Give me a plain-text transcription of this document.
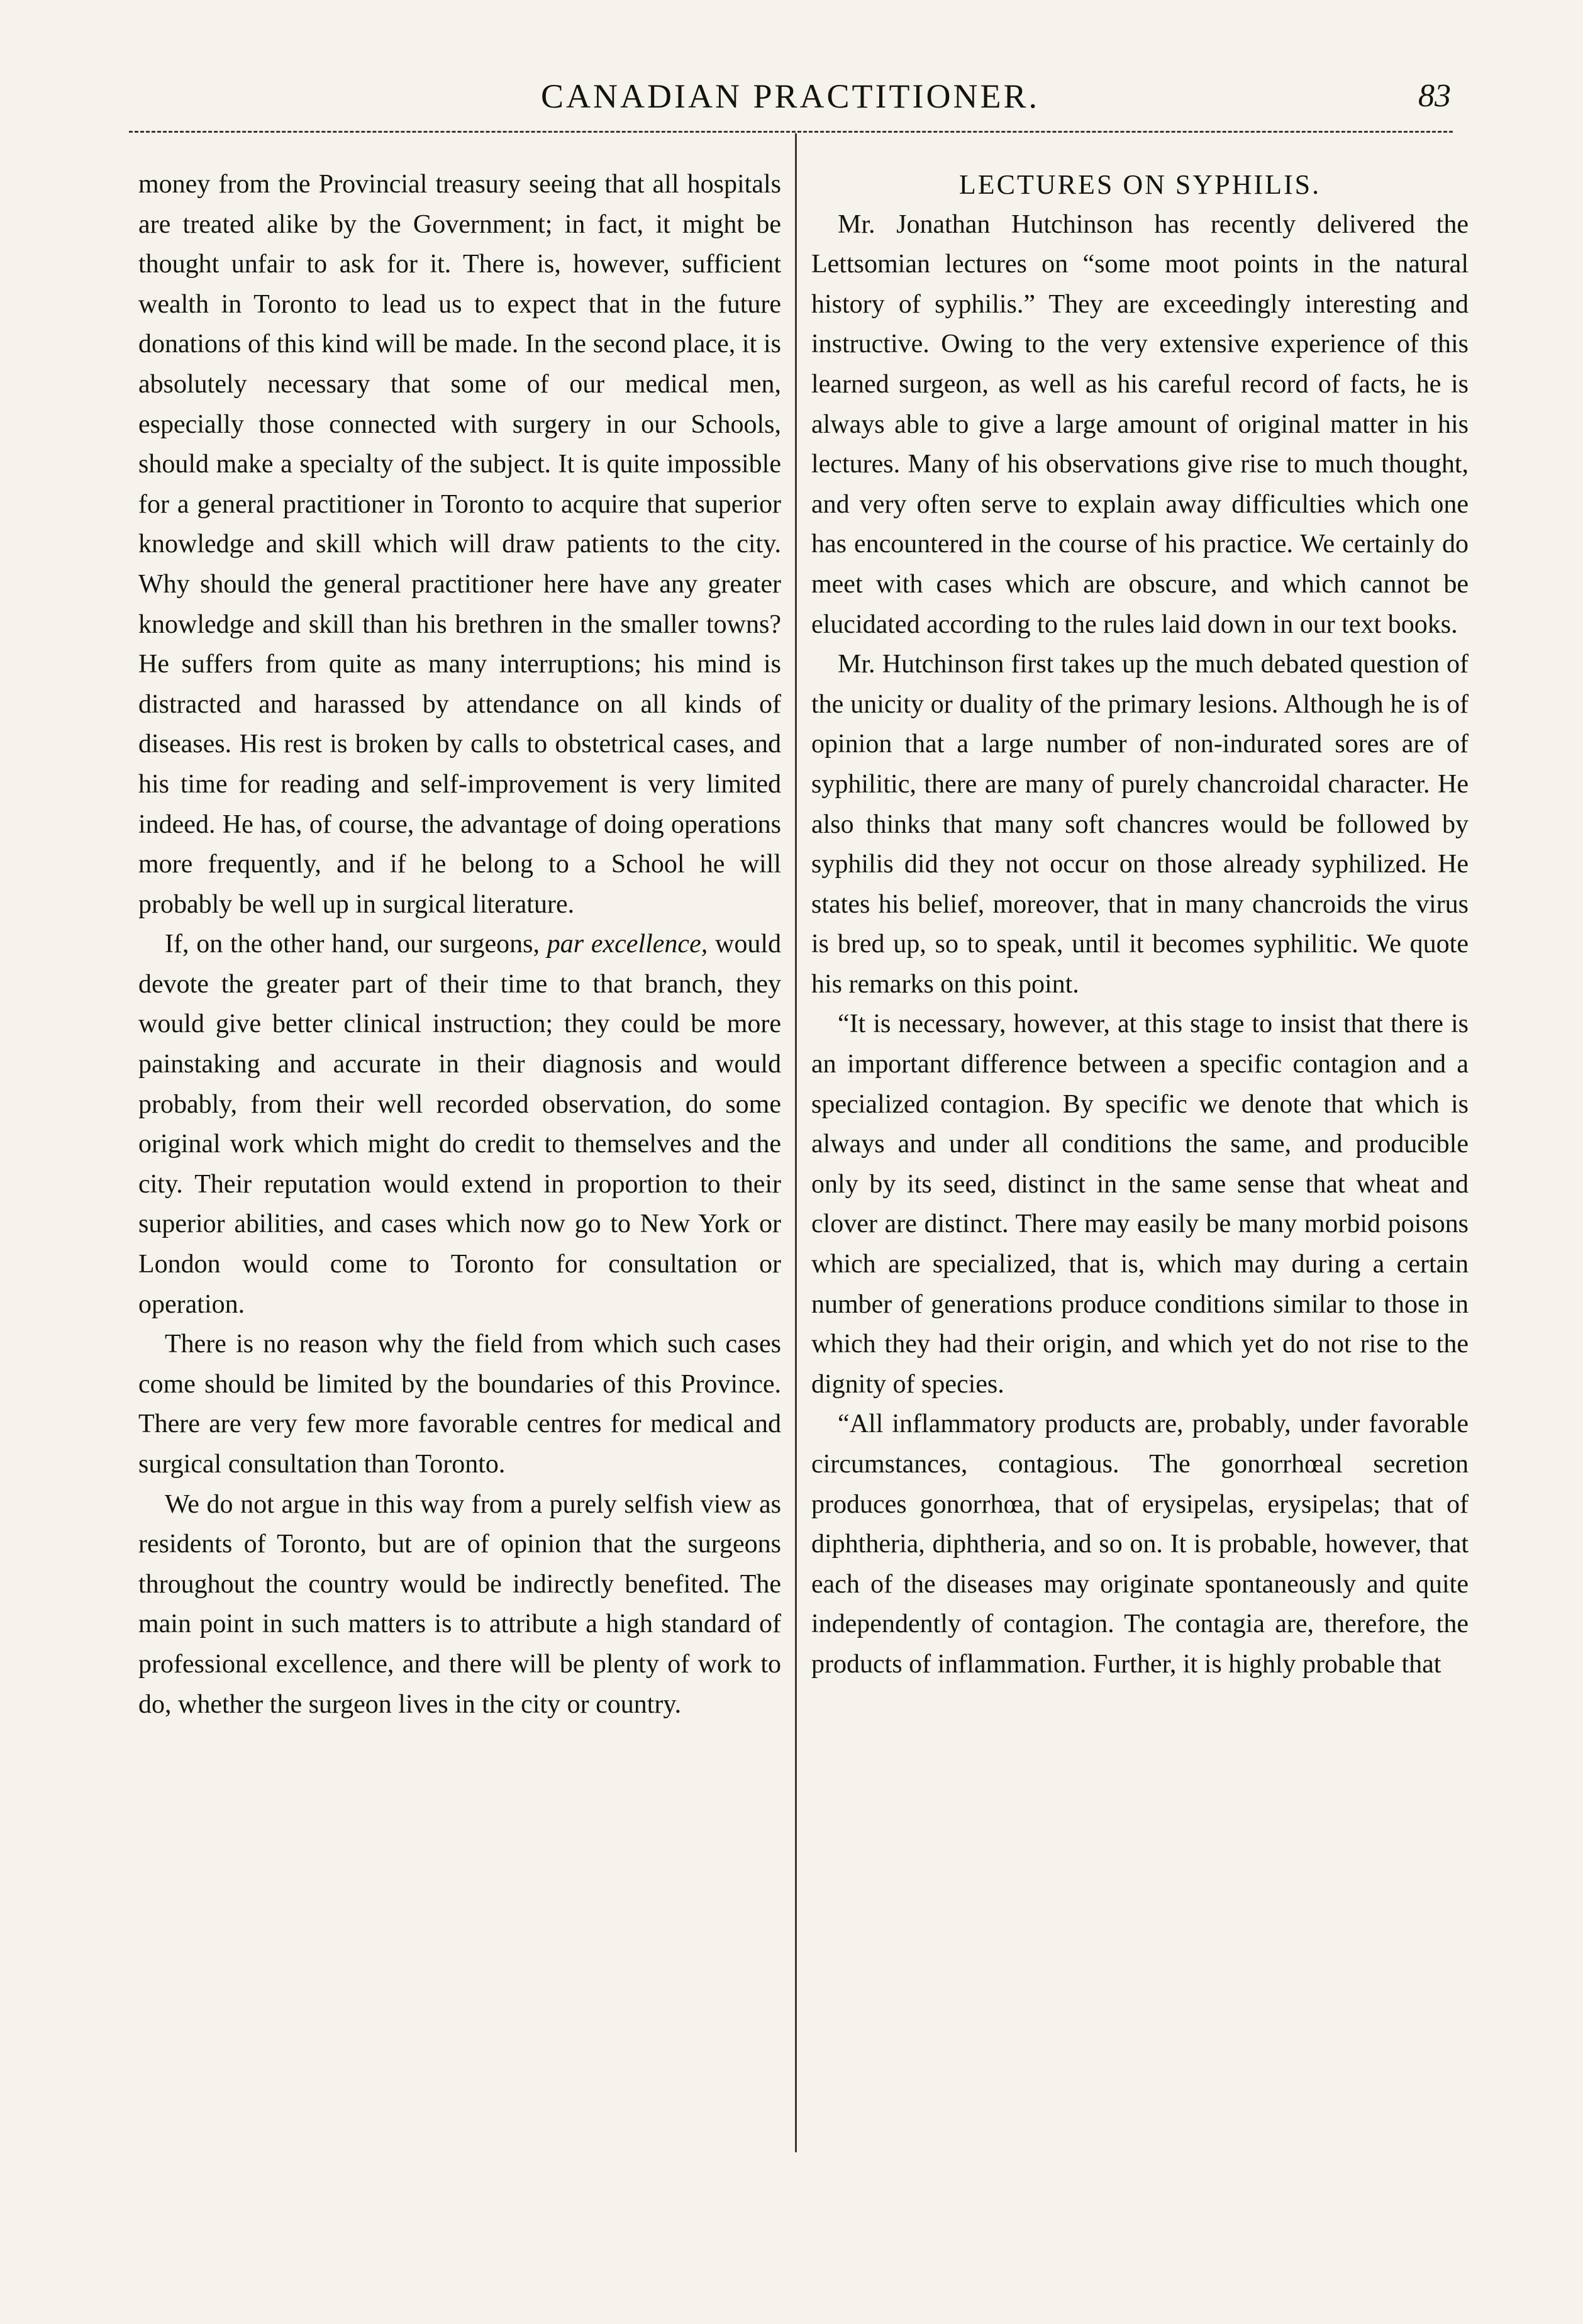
CANADIAN PRACTITIONER.	83

money from the Provincial treasury seeing that all hospitals are treated alike by the Government; in fact, it might be thought unfair to ask for it. There is, however, sufficient wealth in Toronto to lead us to expect that in the future donations of this kind will be made. In the second place, it is absolutely necessary that some of our medical men, especially those connected with surgery in our Schools, should make a specialty of the subject. It is quite impossible for a general practitioner in Toronto to acquire that superior knowledge and skill which will draw patients to the city. Why should the general practitioner here have any greater knowledge and skill than his brethren in the smaller towns? He suffers from quite as many interruptions; his mind is distracted and harassed by attendance on all kinds of diseases. His rest is broken by calls to obstetrical cases, and his time for reading and self-improvement is very limited indeed. He has, of course, the advantage of doing operations more frequently, and if he belong to a School he will probably be well up in surgical literature.

If, on the other hand, our surgeons, par excellence, would devote the greater part of their time to that branch, they would give better clinical instruction; they could be more painstaking and accurate in their diagnosis and would probably, from their well recorded observation, do some original work which might do credit to themselves and the city. Their reputation would extend in proportion to their superior abilities, and cases which now go to New York or London would come to Toronto for consultation or operation.

There is no reason why the field from which such cases come should be limited by the boundaries of this Province. There are very few more favorable centres for medical and surgical consultation than Toronto.

We do not argue in this way from a purely selfish view as residents of Toronto, but are of opinion that the surgeons throughout the country would be indirectly benefited. The main point in such matters is to attribute a high standard of professional excellence, and there will be plenty of work to do, whether the surgeon lives in the city or country.

LECTURES ON SYPHILIS.

Mr. Jonathan Hutchinson has recently delivered the Lettsomian lectures on “some moot points in the natural history of syphilis.” They are exceedingly interesting and instructive. Owing to the very extensive experience of this learned surgeon, as well as his careful record of facts, he is always able to give a large amount of original matter in his lectures. Many of his observations give rise to much thought, and very often serve to explain away difficulties which one has encountered in the course of his practice. We certainly do meet with cases which are obscure, and which cannot be elucidated according to the rules laid down in our text books.

Mr. Hutchinson first takes up the much debated question of the unicity or duality of the primary lesions. Although he is of opinion that a large number of non-indurated sores are of syphilitic, there are many of purely chancroidal character. He also thinks that many soft chancres would be followed by syphilis did they not occur on those already syphilized. He states his belief, moreover, that in many chancroids the virus is bred up, so to speak, until it becomes syphilitic. We quote his remarks on this point.

“It is necessary, however, at this stage to insist that there is an important difference between a specific contagion and a specialized contagion. By specific we denote that which is always and under all conditions the same, and producible only by its seed, distinct in the same sense that wheat and clover are distinct. There may easily be many morbid poisons which are specialized, that is, which may during a certain number of generations produce conditions similar to those in which they had their origin, and which yet do not rise to the dignity of species.

“All inflammatory products are, probably, under favorable circumstances, contagious. The gonorrhœal secretion produces gonorrhœa, that of erysipelas, erysipelas; that of diphtheria, diphtheria, and so on. It is probable, however, that each of the diseases may originate spontaneously and quite independently of contagion. The contagia are, therefore, the products of inflammation. Further, it is highly probable that
